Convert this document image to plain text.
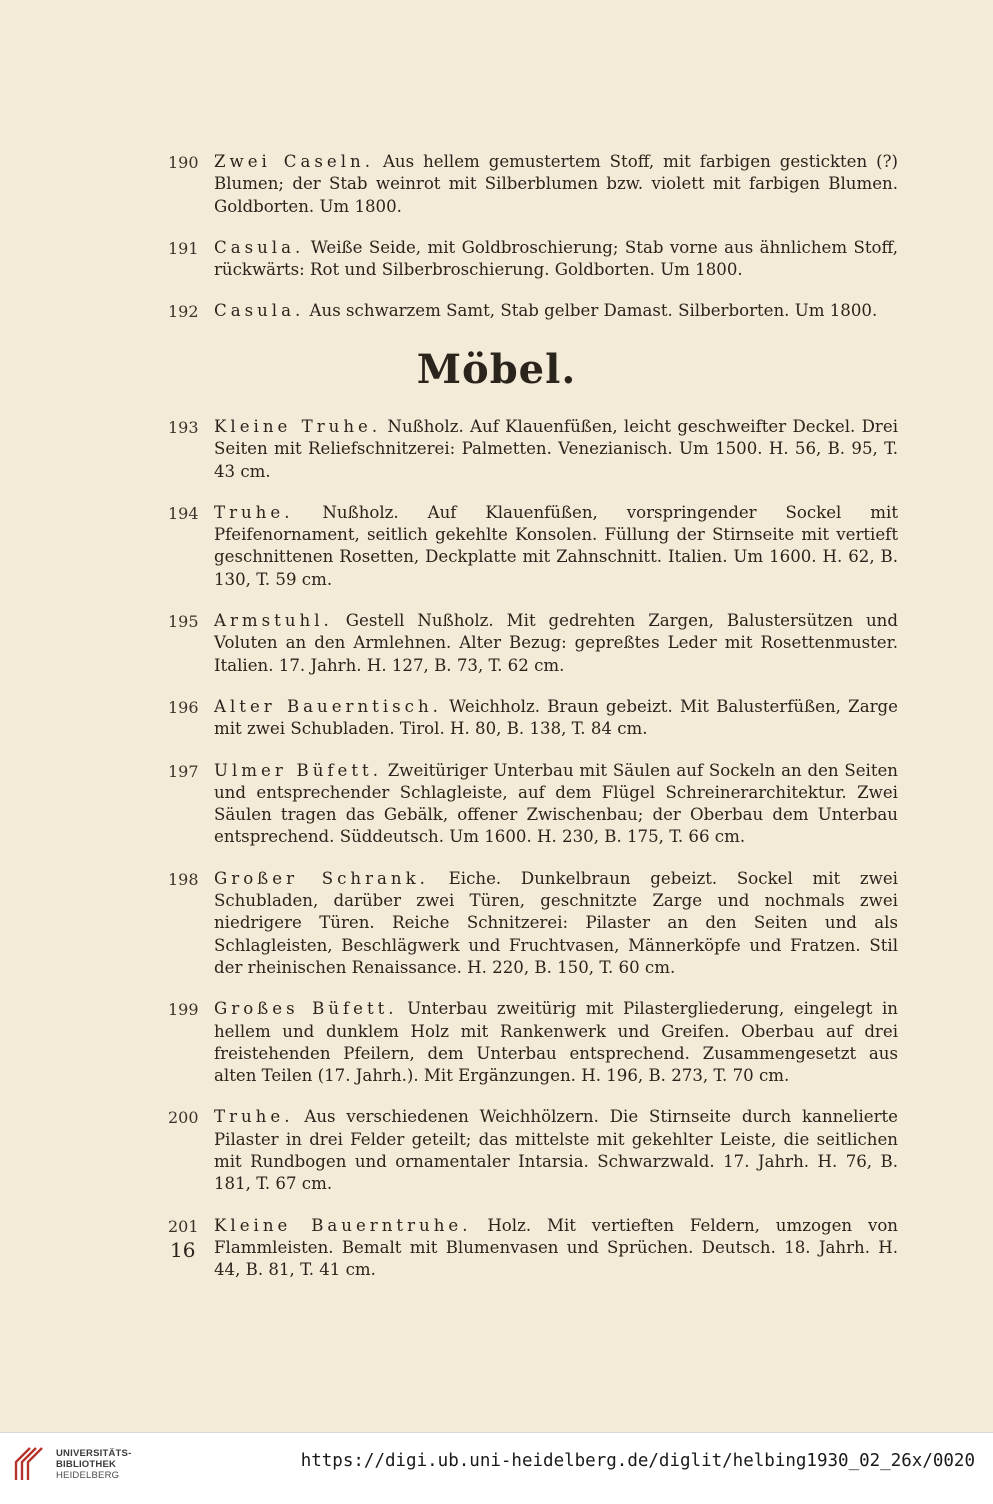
190 Zwei Caseln. Aus hellem gemustertem Stoff, mit farbigen gestickten (?) Blumen; der Stab weinrot mit Silberblumen bzw. violett mit farbigen Blumen. Goldborten. Um 1800.
191 Casula. Weiße Seide, mit Goldbroschierung; Stab vorne aus ähnlichem Stoff, rückwärts: Rot und Silberbroschierung. Goldborten. Um 1800.
192 Casula. Aus schwarzem Samt, Stab gelber Damast. Silberborten. Um 1800.
Möbel.
193 Kleine Truhe. Nußholz. Auf Klauenfüßen, leicht geschweifter Deckel. Drei Seiten mit Reliefschnitzerei: Palmetten. Venezianisch. Um 1500. H. 56, B. 95, T. 43 cm.
194 Truhe. Nußholz. Auf Klauenfüßen, vorspringender Sockel mit Pfeifenornament, seitlich gekehlte Konsolen. Füllung der Stirnseite mit vertieft geschnittenen Rosetten, Deckplatte mit Zahnschnitt. Italien. Um 1600. H. 62, B. 130, T. 59 cm.
195 Armstuhl. Gestell Nußholz. Mit gedrehten Zargen, Balustersützen und Voluten an den Armlehnen. Alter Bezug: gepreßtes Leder mit Rosettenmuster. Italien. 17. Jahrh. H. 127, B. 73, T. 62 cm.
196 Alter Bauerntisch. Weichholz. Braun gebeizt. Mit Balusterfüßen, Zarge mit zwei Schubladen. Tirol. H. 80, B. 138, T. 84 cm.
197 Ulmer Büfett. Zweitüriger Unterbau mit Säulen auf Sockeln an den Seiten und entsprechender Schlagleiste, auf dem Flügel Schreinerarchitektur. Zwei Säulen tragen das Gebälk, offener Zwischenbau; der Oberbau dem Unterbau entsprechend. Süddeutsch. Um 1600. H. 230, B. 175, T. 66 cm.
198 Großer Schrank. Eiche. Dunkelbraun gebeizt. Sockel mit zwei Schubladen, darüber zwei Türen, geschnitzte Zarge und nochmals zwei niedrigere Türen. Reiche Schnitzerei: Pilaster an den Seiten und als Schlagleisten, Beschlägwerk und Fruchtvasen, Männerköpfe und Fratzen. Stil der rheinischen Renaissance. H. 220, B. 150, T. 60 cm.
199 Großes Büfett. Unterbau zweitürig mit Pilastergliederung, eingelegt in hellem und dunklem Holz mit Rankenwerk und Greifen. Oberbau auf drei freistehenden Pfeilern, dem Unterbau entsprechend. Zusammengesetzt aus alten Teilen (17. Jahrh.). Mit Ergänzungen. H. 196, B. 273, T. 70 cm.
200 Truhe. Aus verschiedenen Weichhölzern. Die Stirnseite durch kannelierte Pilaster in drei Felder geteilt; das mittelste mit gekehlter Leiste, die seitlichen mit Rundbogen und ornamentaler Intarsia. Schwarzwald. 17. Jahrh. H. 76, B. 181, T. 67 cm.
201 Kleine Bauerntruhe. Holz. Mit vertieften Feldern, umzogen von Flammleisten. Bemalt mit Blumenvasen und Sprüchen. Deutsch. 18. Jahrh. H. 44, B. 81, T. 41 cm.
16
UNIVERSITÄTS-
BIBLIOTHEK
HEIDELBERG
https://digi.ub.uni-heidelberg.de/diglit/helbing1930_02_26x/0020
